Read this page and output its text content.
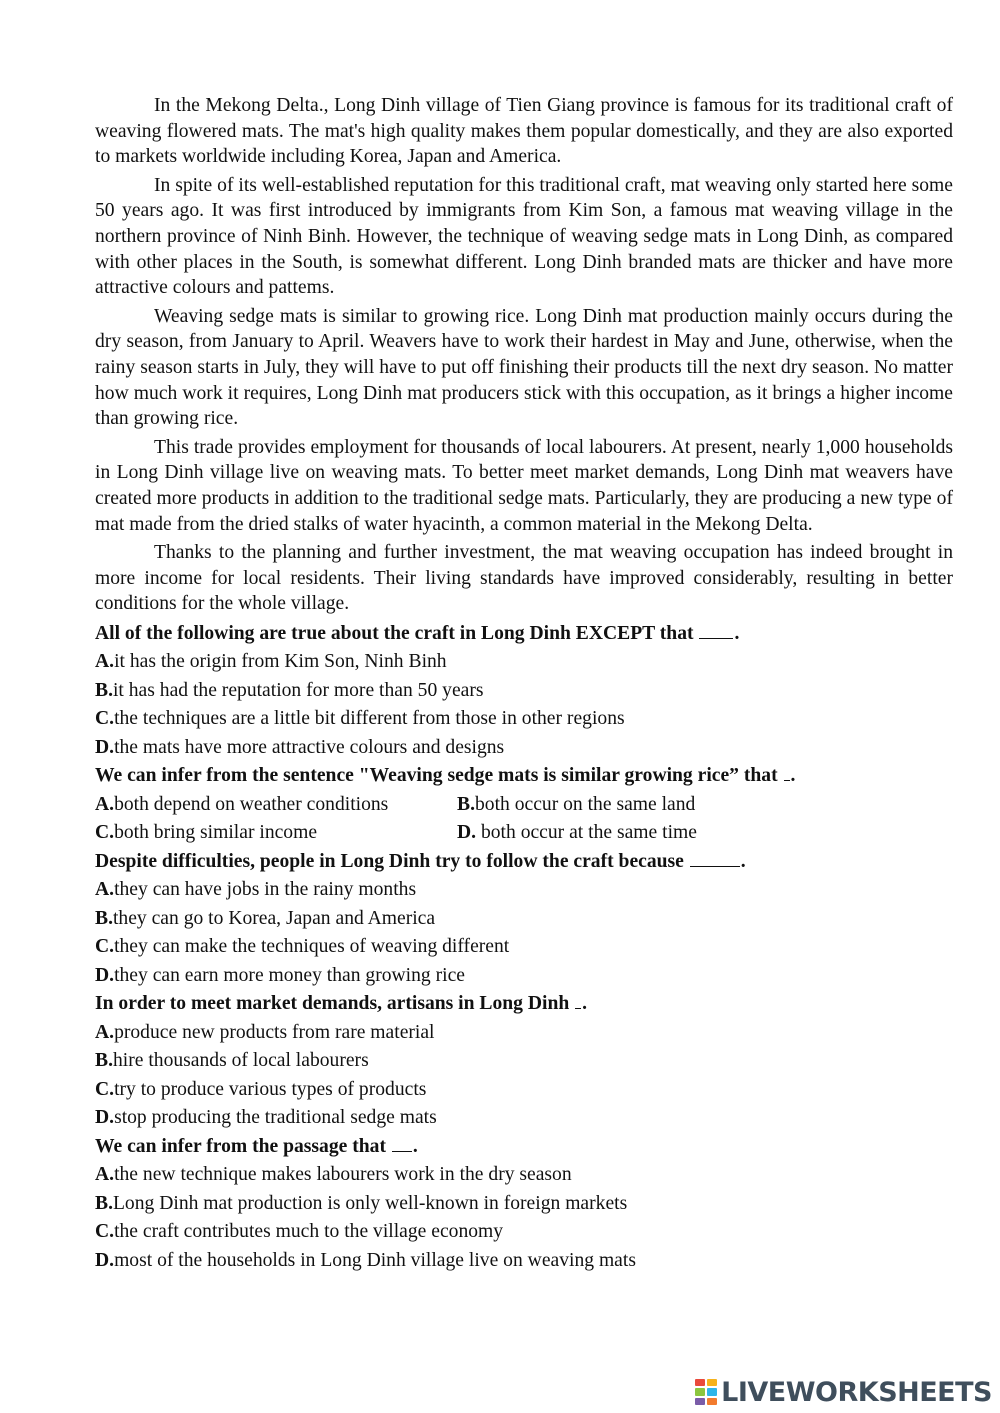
In the Mekong Delta., Long Dinh village of Tien Giang province is famous for its traditional craft of weaving flowered mats. The mat's high quality makes them popular domestically, and they are also exported to markets worldwide including Korea, Japan and America.

In spite of its well-established reputation for this traditional craft, mat weaving only started here some 50 years ago. It was first introduced by immigrants from Kim Son, a famous mat weaving village in the northern province of Ninh Binh. However, the technique of weaving sedge mats in Long Dinh, as compared with other places in the South, is somewhat different. Long Dinh branded mats are thicker and have more attractive colours and pattems.

Weaving sedge mats is similar to growing rice. Long Dinh mat production mainly occurs during the dry season, from January to April. Weavers have to work their hardest in May and June, otherwise, when the rainy season starts in July, they will have to put off finishing their products till the next dry season. No matter how much work it requires, Long Dinh mat producers stick with this occupation, as it brings a higher income than growing rice.

This trade provides employment for thousands of local labourers. At present, nearly 1,000 households in Long Dinh village live on weaving mats. To better meet market demands, Long Dinh mat weavers have created more products in addition to the traditional sedge mats. Particularly, they are producing a new type of mat made from the dried stalks of water hyacinth, a common material in the Mekong Delta.

Thanks to the planning and further investment, the mat weaving occupation has indeed brought in more income for local residents. Their living standards have improved considerably, resulting in better conditions for the whole village.

All of the following are true about the craft in Long Dinh EXCEPT that .
A.it has the origin from Kim Son, Ninh Binh
B.it has had the reputation for more than 50 years
C.the techniques are a little bit different from those in other regions
D.the mats have more attractive colours and designs
We can infer from the sentence "Weaving sedge mats is similar growing rice” that .
A.both depend on weather conditions	B.both occur on the same land
C.both bring similar income	D. both occur at the same time
Despite difficulties, people in Long Dinh try to follow the craft because	.
A.they can have jobs in the rainy months
B.they can go to Korea, Japan and America
C.they can make the techniques of weaving different
D.they can earn more money than growing rice
In order to meet market demands, artisans in Long Dinh .
A.produce new products from rare material
B.hire thousands of local labourers
C.try to produce various types of products
D.stop producing the traditional sedge mats
We can infer from the passage that .
A.the new technique makes labourers work in the dry season
B.Long Dinh mat production is only well-known in foreign markets
C.the craft contributes much to the village economy
D.most of the households in Long Dinh village live on weaving mats
LIVEWORKSHEETS
